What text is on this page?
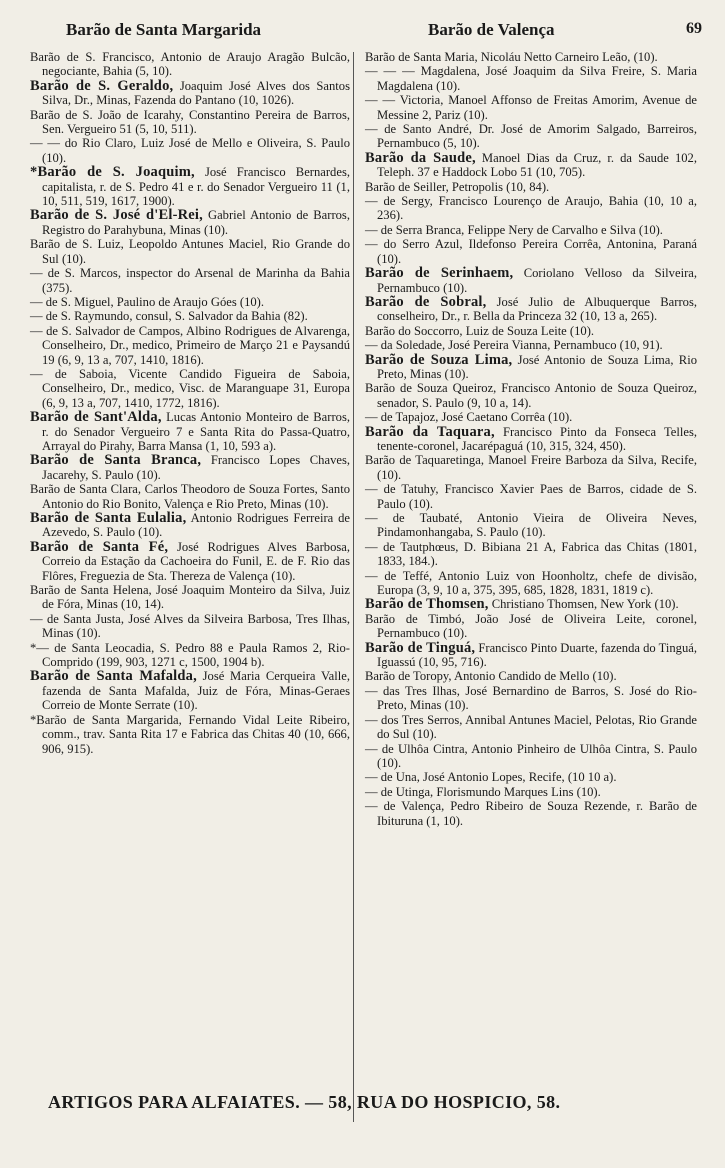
Barão de Santa Margarida	Barão de Valença	69
Barão de S. Francisco, Antonio de Araujo Aragão Bulcão, negociante, Bahia (5, 10).
Barão de S. Geraldo, Joaquim José Alves dos Santos Silva, Dr., Minas, Fazenda do Pantano (10, 1026).
Barão de S. João de Icarahy, Constantino Pereira de Barros, Sen. Vergueiro 51 (5, 10, 511).
— — do Rio Claro, Luiz José de Mello e Oliveira, S. Paulo (10).
*Barão de S. Joaquim, José Francisco Bernardes, capitalista, r. de S. Pedro 41 e r. do Senador Vergueiro 11 (1, 10, 511, 519, 1617, 1900).
Barão de S. José d'El-Rei, Gabriel Antonio de Barros, Registro do Parahybuna, Minas (10).
Barão de S. Luiz, Leopoldo Antunes Maciel, Rio Grande do Sul (10).
— de S. Marcos, inspector do Arsenal de Marinha da Bahia (375).
— de S. Miguel, Paulino de Araujo Góes (10).
— de S. Raymundo, consul, S. Salvador da Bahia (82).
— de S. Salvador de Campos, Albino Rodrigues de Alvarenga, Conselheiro, Dr., medico, Primeiro de Março 21 e Paysandú 19 (6, 9, 13 a, 707, 1410, 1816).
— de Saboia, Vicente Candido Figueira de Saboia, Conselheiro, Dr., medico, Visc. de Maranguape 31, Europa (6, 9, 13 a, 707, 1410, 1772, 1816).
Barão de Sant'Alda, Lucas Antonio Monteiro de Barros, r. do Senador Vergueiro 7 e Santa Rita do Passa-Quatro, Arrayal do Pirahy, Barra Mansa (1, 10, 593 a).
Barão de Santa Branca, Francisco Lopes Chaves, Jacarehy, S. Paulo (10).
Barão de Santa Clara, Carlos Theodoro de Souza Fortes, Santo Antonio do Rio Bonito, Valença e Rio Preto, Minas (10).
Barão de Santa Eulalia, Antonio Rodrigues Ferreira de Azevedo, S. Paulo (10).
Barão de Santa Fé, José Rodrigues Alves Barbosa, Correio da Estação da Cachoeira do Funil, E. de F. Rio das Flôres, Freguezia de Sta. Thereza de Valença (10).
Barão de Santa Helena, José Joaquim Monteiro da Silva, Juiz de Fóra, Minas (10, 14).
— de Santa Justa, José Alves da Silveira Barbosa, Tres Ilhas, Minas (10).
*— de Santa Leocadia, S. Pedro 88 e Paula Ramos 2, Rio-Comprido (199, 903, 1271 c, 1500, 1904 b).
Barão de Santa Mafalda, José Maria Cerqueira Valle, fazenda de Santa Mafalda, Juiz de Fóra, Minas-Geraes Correio de Monte Serrate (10).
*Barão de Santa Margarida, Fernando Vidal Leite Ribeiro, comm., trav. Santa Rita 17 e Fabrica das Chitas 40 (10, 666, 906, 915).
Barão de Santa Maria, Nicoláu Netto Carneiro Leão, (10).
— — — Magdalena, José Joaquim da Silva Freire, S. Maria Magdalena (10).
— — Victoria, Manoel Affonso de Freitas Amorim, Avenue de Messine 2, Pariz (10).
— de Santo André, Dr. José de Amorim Salgado, Barreiros, Pernambuco (5, 10).
Barão da Saude, Manoel Dias da Cruz, r. da Saude 102, Teleph. 37 e Haddock Lobo 51 (10, 705).
Barão de Seiller, Petropolis (10, 84).
— de Sergy, Francisco Lourenço de Araujo, Bahia (10, 10 a, 236).
— de Serra Branca, Felippe Nery de Carvalho e Silva (10).
— do Serro Azul, Ildefonso Pereira Corrêa, Antonina, Paraná (10).
Barão de Serinhaem, Coriolano Velloso da Silveira, Pernambuco (10).
Barão de Sobral, José Julio de Albuquerque Barros, conselheiro, Dr., r. Bella da Princeza 32 (10, 13 a, 265).
Barão do Soccorro, Luiz de Souza Leite (10).
— da Soledade, José Pereira Vianna, Pernambuco (10, 91).
Barão de Souza Lima, José Antonio de Souza Lima, Rio Preto, Minas (10).
Barão de Souza Queiroz, Francisco Antonio de Souza Queiroz, senador, S. Paulo (9, 10 a, 14).
— de Tapajoz, José Caetano Corrêa (10).
Barão da Taquara, Francisco Pinto da Fonseca Telles, tenente-coronel, Jacarépaguá (10, 315, 324, 450).
Barão de Taquaretinga, Manoel Freire Barboza da Silva, Recife, (10).
— de Tatuhy, Francisco Xavier Paes de Barros, cidade de S. Paulo (10).
— de Taubaté, Antonio Vieira de Oliveira Neves, Pindamonhangaba, S. Paulo (10).
— de Tautphœus, D. Bibiana 21 A, Fabrica das Chitas (1801, 1833, 184.).
— de Teffé, Antonio Luiz von Hoonholtz, chefe de divisão, Europa (3, 9, 10 a, 375, 395, 685, 1828, 1831, 1819 c).
Barão de Thomsen, Christiano Thomsen, New York (10).
Barão de Timbó, João José de Oliveira Leite, coronel, Pernambuco (10).
Barão de Tinguá, Francisco Pinto Duarte, fazenda do Tinguá, Iguassú (10, 95, 716).
Barão de Toropy, Antonio Candido de Mello (10).
— das Tres Ilhas, José Bernardino de Barros, S. José do Rio-Preto, Minas (10).
— dos Tres Serros, Annibal Antunes Maciel, Pelotas, Rio Grande do Sul (10).
— de Ulhôa Cintra, Antonio Pinheiro de Ulhôa Cintra, S. Paulo (10).
— de Una, José Antonio Lopes, Recife, (10 10 a).
— de Utinga, Florismundo Marques Lins (10).
— de Valença, Pedro Ribeiro de Souza Rezende, r. Barão de Ibituruna (1, 10).
ARTIGOS PARA ALFAIATES. — 58, RUA DO HOSPICIO, 58.
